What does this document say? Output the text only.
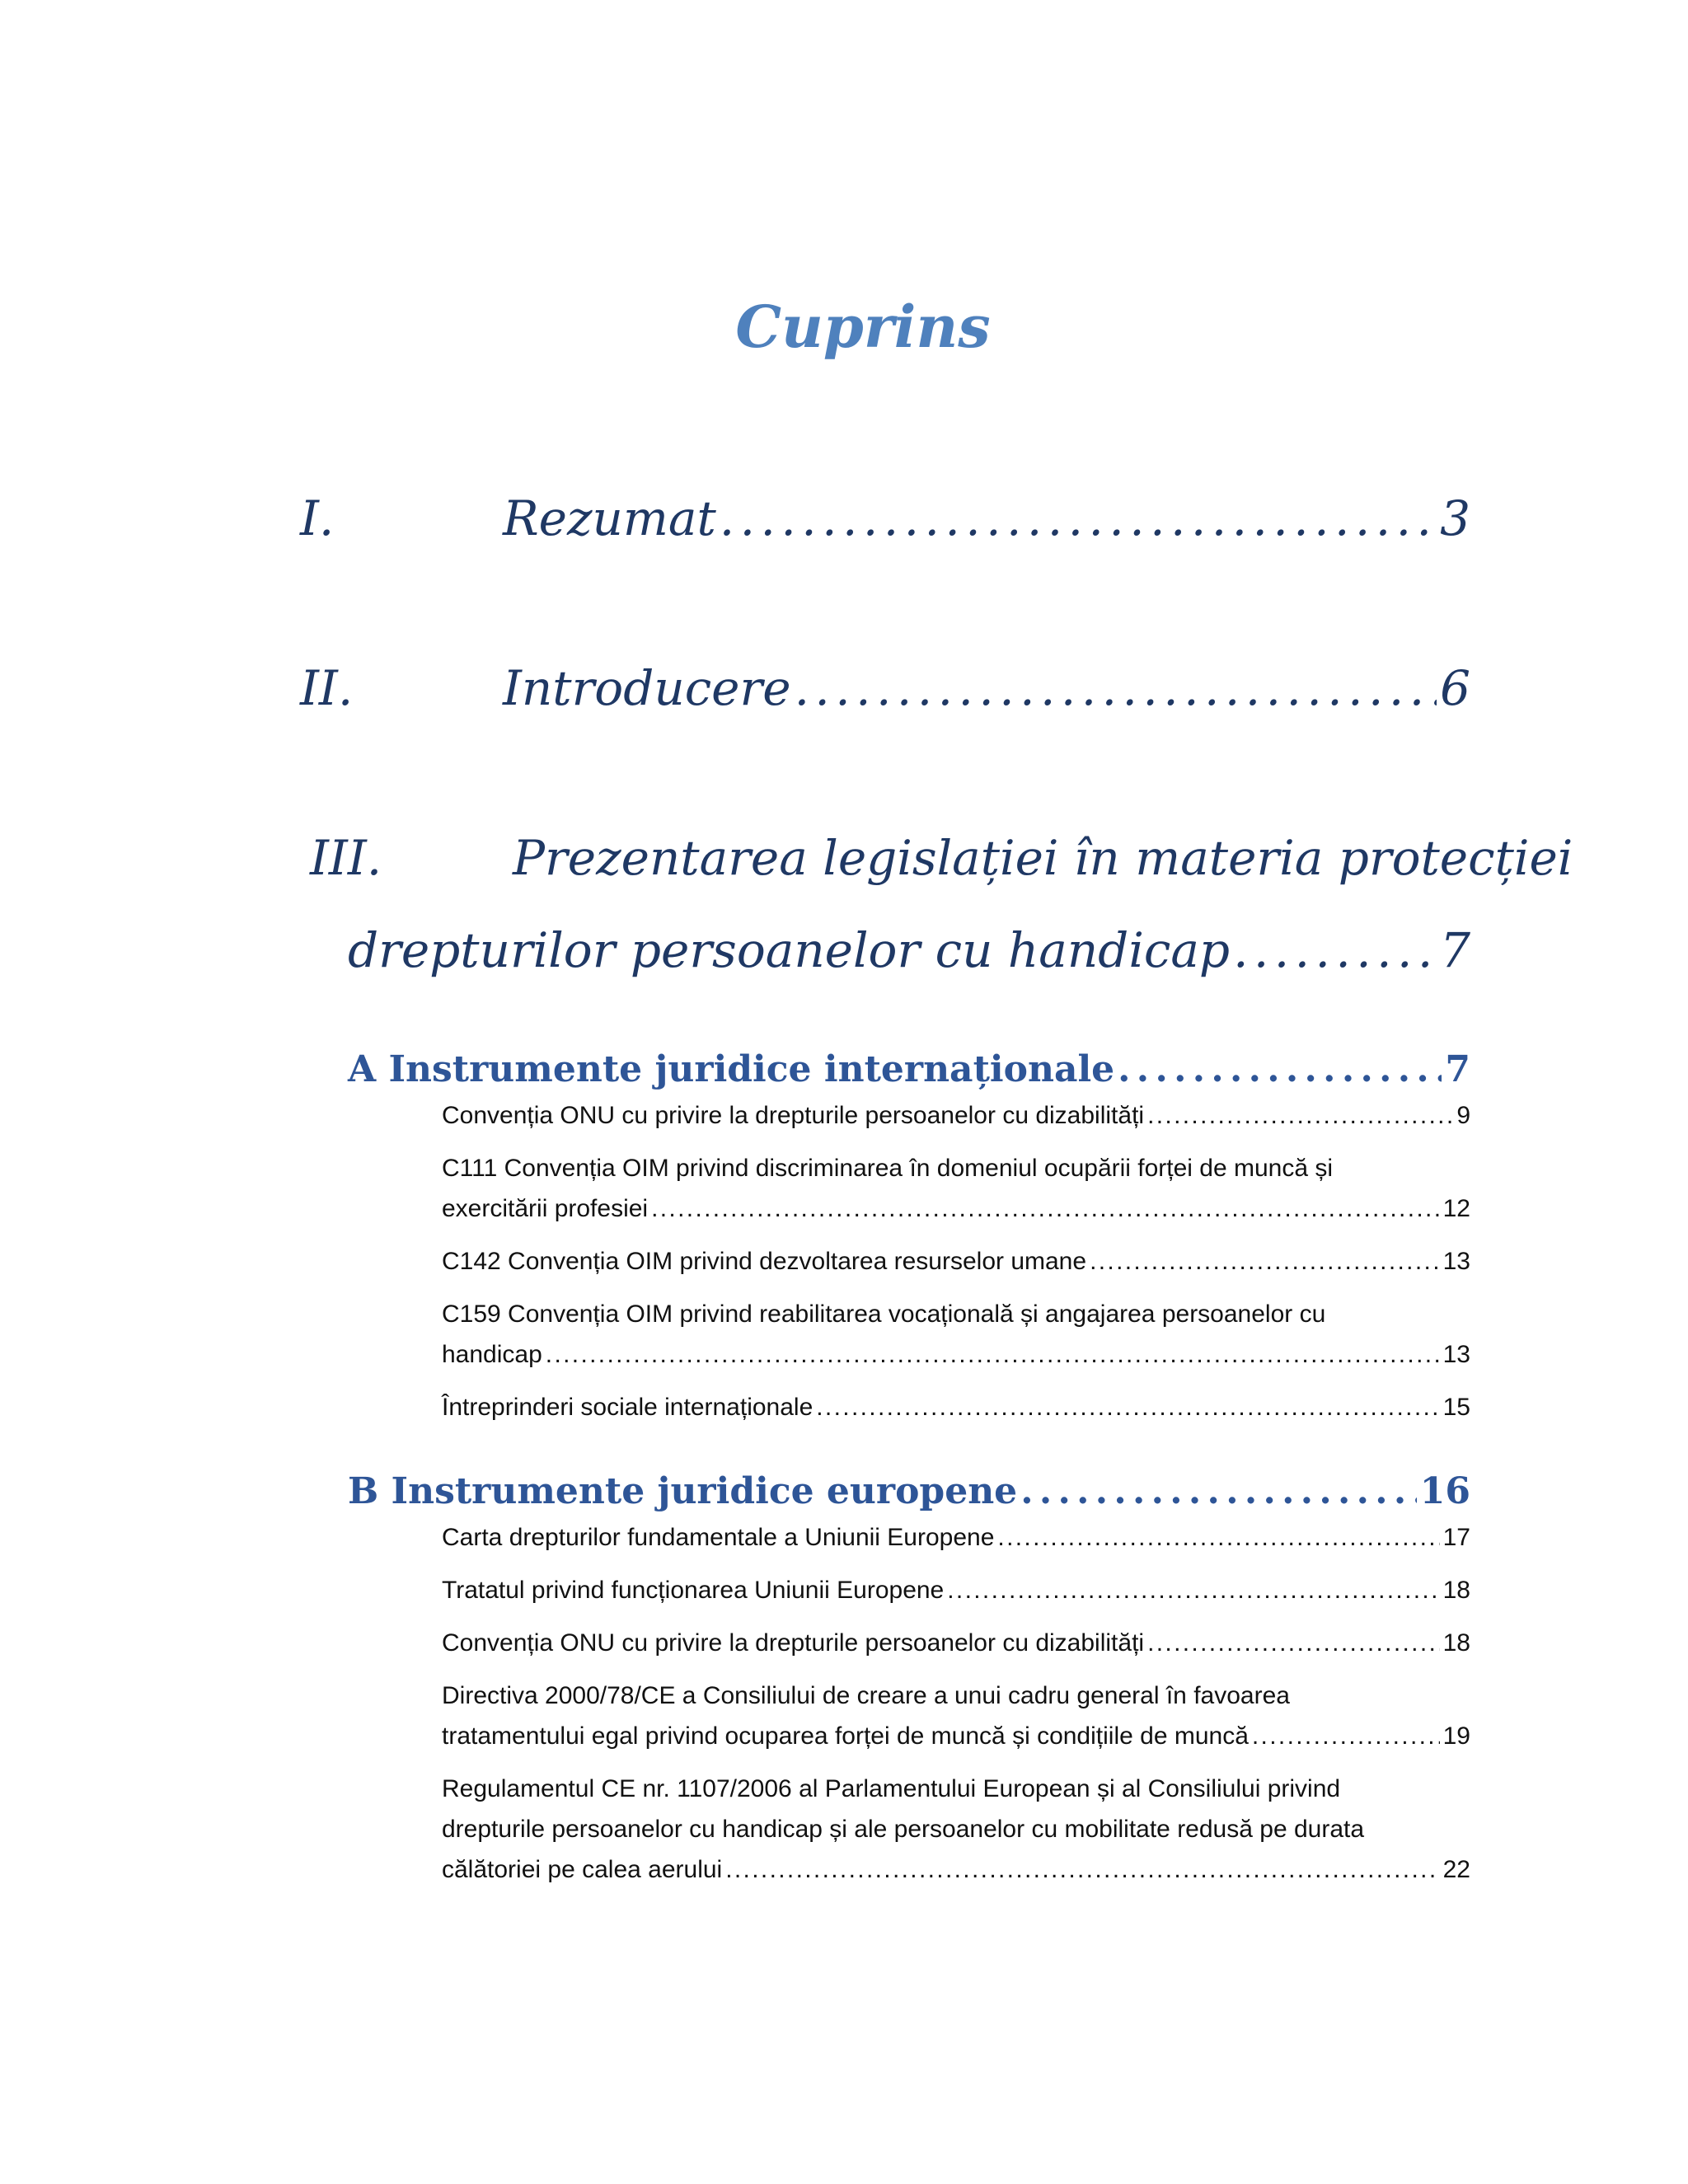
Cuprins
I.	Rezumat . . .	3
II.	Introducere . . .	6
III.	Prezentarea legislației în materia protecției
drepturilor persoanelor cu handicap . . .	7
A Instrumente juridice internaționale . . .	7
Convenția ONU cu privire la drepturile persoanelor cu dizabilități . . .	9
C111 Convenția OIM privind discriminarea în domeniul ocupării forței de muncă și
exercitării profesiei . . .	12
C142 Convenția OIM privind dezvoltarea resurselor umane . . .	13
C159 Convenția OIM privind reabilitarea vocațională și angajarea persoanelor cu
handicap . . .	13
Întreprinderi sociale internaționale . . .	15
B Instrumente juridice europene . . .	16
Carta drepturilor fundamentale a Uniunii Europene . . .	17
Tratatul privind funcționarea Uniunii Europene . . .	18
Convenția ONU cu privire la drepturile persoanelor cu dizabilități . . .	18
Directiva 2000/78/CE a Consiliului de creare a unui cadru general în favoarea
tratamentului egal privind ocuparea forței de muncă și condițiile de muncă . . .	19
Regulamentul CE nr. 1107/2006 al Parlamentului European și al Consiliului privind
drepturile persoanelor cu handicap și ale persoanelor cu mobilitate redusă pe durata
călătoriei pe calea aerului . . .	22
